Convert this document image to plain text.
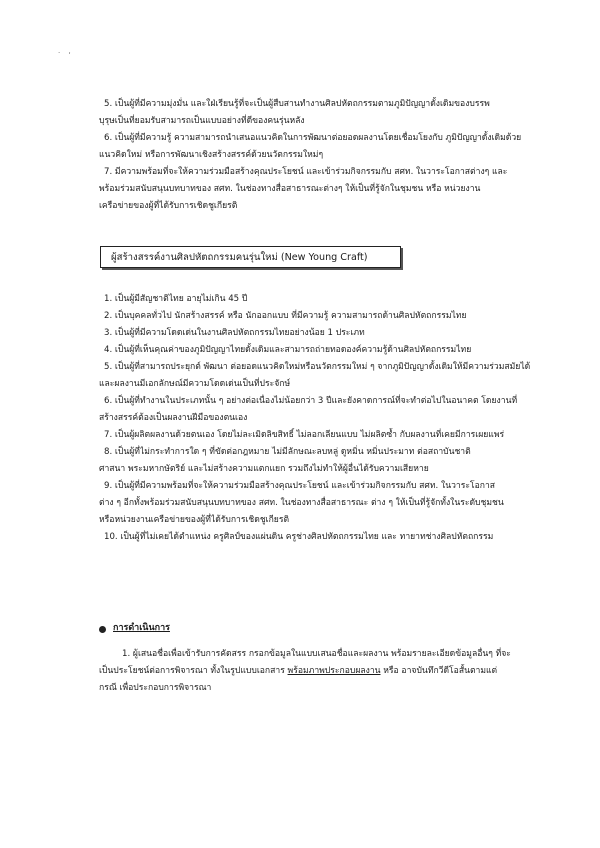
. ,
5. เป็นผู้ที่มีความมุ่งมั่น และใฝ่เรียนรู้ที่จะเป็นผู้สืบสานทำงานศิลปหัตถกรรมตามภูมิปัญญาดั้งเดิมของบรรพ
บุรุษเป็นที่ยอมรับสามารถเป็นแบบอย่างที่ดีของคนรุ่นหลัง
6. เป็นผู้ที่มีความรู้ ความสามารถนำเสนอแนวคิดในการพัฒนาต่อยอดผลงานโดยเชื่อมโยงกับ ภูมิปัญญาดั้งเดิมด้วย
แนวคิดใหม่ หรือการพัฒนาเชิงสร้างสรรค์ด้วยนวัตกรรมใหม่ๆ
7. มีความพร้อมที่จะให้ความร่วมมือสร้างคุณประโยชน์ และเข้าร่วมกิจกรรมกับ สศท. ในวาระโอกาสต่างๆ และ
พร้อมร่วมสนับสนุนบทบาทของ สศท. ในช่องทางสื่อสาธารณะต่างๆ ให้เป็นที่รู้จักในชุมชน หรือ หน่วยงาน
เครือข่ายของผู้ที่ได้รับการเชิดชูเกียรติ
ผู้สร้างสรรค์งานศิลปหัตถกรรมคนรุ่นใหม่ (New Young Craft)
1. เป็นผู้มีสัญชาติไทย อายุไม่เกิน 45 ปี
2. เป็นบุคคลทั่วไป นักสร้างสรรค์ หรือ นักออกแบบ ที่มีความรู้ ความสามารถด้านศิลปหัตถกรรมไทย
3. เป็นผู้ที่มีความโดดเด่นในงานศิลปหัตถกรรมไทยอย่างน้อย 1 ประเภท
4. เป็นผู้ที่เห็นคุณค่าของภูมิปัญญาไทยดั้งเดิมและสามารถถ่ายทอดองค์ความรู้ด้านศิลปหัตถกรรมไทย
5. เป็นผู้ที่สามารถประยุกต์ พัฒนา ต่อยอดแนวคิดใหม่หรือนวัตกรรมใหม่ ๆ จากภูมิปัญญาดั้งเดิมให้มีความร่วมสมัยได้
และผลงานมีเอกลักษณ์มีความโดดเด่นเป็นที่ประจักษ์
6. เป็นผู้ที่ทำงานในประเภทนั้น ๆ อย่างต่อเนื่องไม่น้อยกว่า 3 ปีและยังคาดการณ์ที่จะทำต่อไปในอนาคต โดยงานที่
สร้างสรรค์ต้องเป็นผลงานฝีมือของตนเอง
7. เป็นผู้ผลิตผลงานด้วยตนเอง โดยไม่ละเมิดลิขสิทธิ์ ไม่ลอกเลียนแบบ ไม่ผลิตซ้ำ กับผลงานที่เคยมีการเผยแพร่
8. เป็นผู้ที่ไม่กระทำการใด ๆ ที่ขัดต่อกฎหมาย ไม่มีลักษณะลบหลู่ ดูหมิ่น หมิ่นประมาท ต่อสถาบันชาติ
ศาสนา พระมหากษัตริย์ และไม่สร้างความแตกแยก รวมถึงไม่ทำให้ผู้อื่นได้รับความเสียหาย
9. เป็นผู้ที่มีความพร้อมที่จะให้ความร่วมมือสร้างคุณประโยชน์ และเข้าร่วมกิจกรรมกับ สศท. ในวาระโอกาส
ต่าง ๆ อีกทั้งพร้อมร่วมสนับสนุนบทบาทของ สศท. ในช่องทางสื่อสาธารณะ ต่าง ๆ ให้เป็นที่รู้จักทั้งในระดับชุมชน
หรือหน่วยงานเครือข่ายของผู้ที่ได้รับการเชิดชูเกียรติ
10. เป็นผู้ที่ไม่เคยได้ตำแหน่ง ครูศิลป์ของแผ่นดิน ครูช่างศิลปหัตถกรรมไทย และ ทายาทช่างศิลปหัตถกรรม
การดำเนินการ
1. ผู้เสนอชื่อเพื่อเข้ารับการคัดสรร กรอกข้อมูลในแบบเสนอชื่อและผลงาน พร้อมรายละเอียดข้อมูลอื่นๆ ที่จะ
เป็นประโยชน์ต่อการพิจารณา ทั้งในรูปแบบเอกสาร พร้อมภาพประกอบผลงาน หรือ อาจบันทึกวีดีโอสั้นตามแต่
กรณี เพื่อประกอบการพิจารณา
